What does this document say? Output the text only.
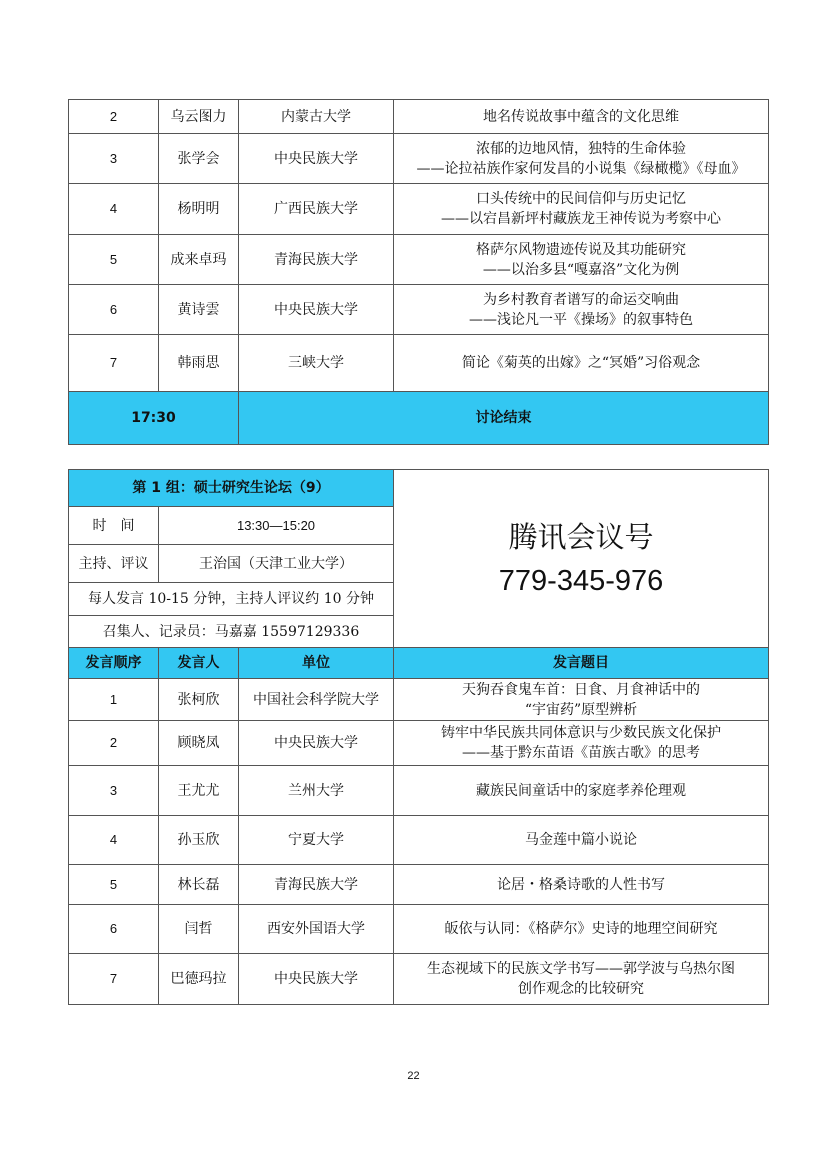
2	乌云图力	内蒙古大学	地名传说故事中蕴含的文化思维

3	张学会	中央民族大学	浓郁的边地风情，独特的生命体验
——论拉祜族作家何发昌的小说集《绿橄榄》《母血》

4	杨明明	广西民族大学	口头传统中的民间信仰与历史记忆
——以宕昌新坪村藏族龙王神传说为考察中心

5	成来卓玛	青海民族大学	格萨尔风物遗迹传说及其功能研究
——以治多县“嘎嘉洛”文化为例

6	黄诗雲	中央民族大学	为乡村教育者谱写的命运交响曲
——浅论凡一平《操场》的叙事特色

7	韩雨思	三峡大学	简论《菊英的出嫁》之“冥婚”习俗观念

17:30		讨论结束	
第 1 组：硕士研究生论坛（9）			腾讯会议号
779-345-976

时　间	13:30—15:20		
主持、评议	王治国（天津工业大学）		
每人发言 10-15 分钟，主持人评议约 10 分钟			
召集人、记录员：马嘉嘉 15597129336			
发言顺序	发言人	单位	发言题目
1	张柯欣	中国社会科学院大学	天狗吞食鬼车首：日食、月食神话中的
“宇宙药”原型辨析

2	顾晓凤	中央民族大学	铸牢中华民族共同体意识与少数民族文化保护
——基于黔东苗语《苗族古歌》的思考

3	王尤尤	兰州大学	藏族民间童话中的家庭孝养伦理观

4	孙玉欣	宁夏大学	马金莲中篇小说论

5	林长磊	青海民族大学	论居・格桑诗歌的人性书写

6	闫哲	西安外国语大学	皈依与认同：《格萨尔》史诗的地理空间研究

7	巴德玛拉	中央民族大学	生态视域下的民族文学书写——郭学波与乌热尔图
创作观念的比较研究
22
